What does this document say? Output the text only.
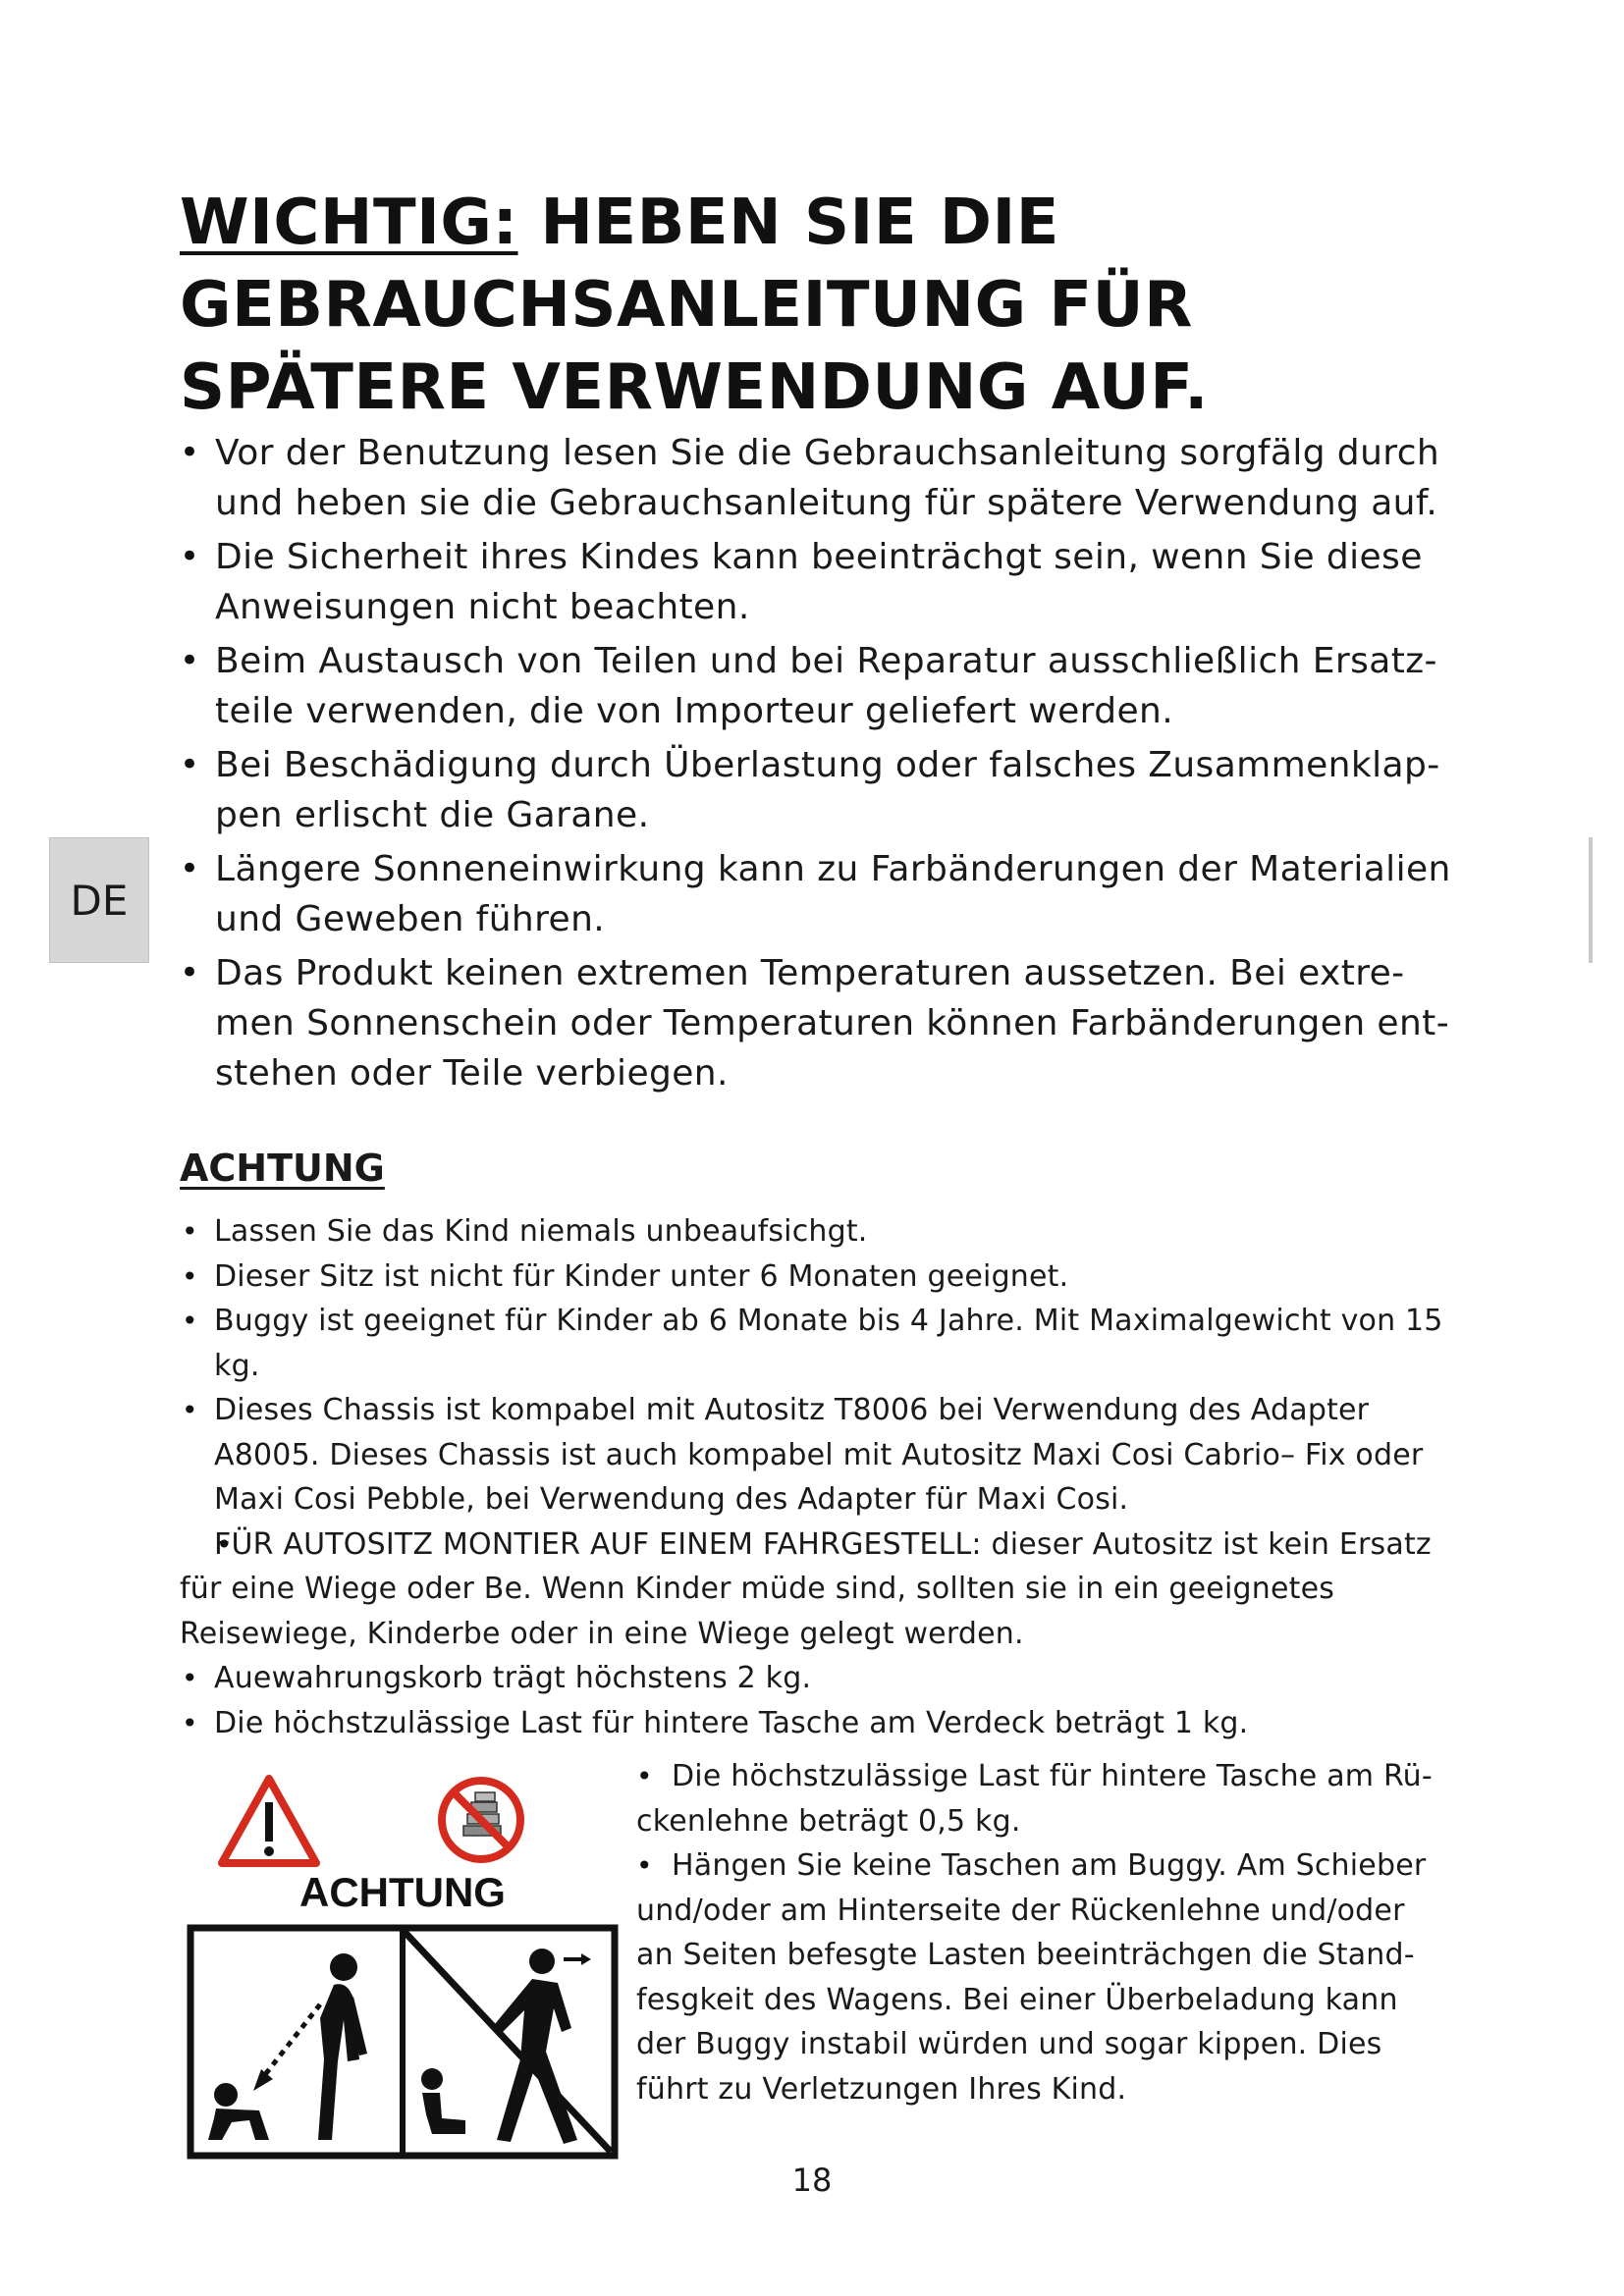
WICHTIG: HEBEN SIE DIE GEBRAUCHSANLEITUNG FÜR SPÄTERE VERWENDUNG AUF.
• Vor der Benutzung lesen Sie die Gebrauchsanleitung sorgfälg durch und heben sie die Gebrauchsanleitung für spätere Verwendung auf.
• Die Sicherheit ihres Kindes kann beeinträchgt sein, wenn Sie diese Anweisungen nicht beachten.
• Beim Austausch von Teilen und bei Reparatur ausschließlich Ersatz-teile verwenden, die von Importeur geliefert werden.
• Bei Beschädigung durch Überlastung oder falsches Zusammenklap-pen erlischt die Garane.
• Längere Sonneneinwirkung kann zu Farbänderungen der Materialien und Geweben führen.
• Das Produkt keinen extremen Temperaturen aussetzen. Bei extre-men Sonnenschein oder Temperaturen können Farbänderungen ent-stehen oder Teile verbiegen.
DE
ACHTUNG
• Lassen Sie das Kind niemals unbeaufsichgt.
• Dieser Sitz ist nicht für Kinder unter 6 Monaten geeignet.
• Buggy ist geeignet für Kinder ab 6 Monate bis 4 Jahre. Mit Maximalgewicht von 15 kg.
• Dieses Chassis ist kompabel mit Autositz T8006 bei Verwendung des Adapter A8005. Dieses Chassis ist auch kompabel mit Autositz Maxi Cosi Cabrio– Fix oder Maxi Cosi Pebble, bei Verwendung des Adapter für Maxi Cosi.
• FÜR AUTOSITZ MONTIER AUF EINEM FAHRGESTELL: dieser Autositz ist kein Ersatz für eine Wiege oder Be. Wenn Kinder müde sind, sollten sie in ein geeignetes Reisewiege, Kinderbe oder in eine Wiege gelegt werden.
• Auewahrungskorb trägt höchstens 2 kg.
• Die höchstzulässige Last für hintere Tasche am Verdeck beträgt 1 kg.
• Die höchstzulässige Last für hintere Tasche am Rü-ckenlehne beträgt 0,5 kg.
• Hängen Sie keine Taschen am Buggy. Am Schieber und/oder am Hinterseite der Rückenlehne und/oder an Seiten befesgte Lasten beeinträchgen die Stand-fesgkeit des Wagens. Bei einer Überbeladung kann der Buggy instabil würden und sogar kippen. Dies führt zu Verletzungen Ihres Kind.
ACHTUNG
18
